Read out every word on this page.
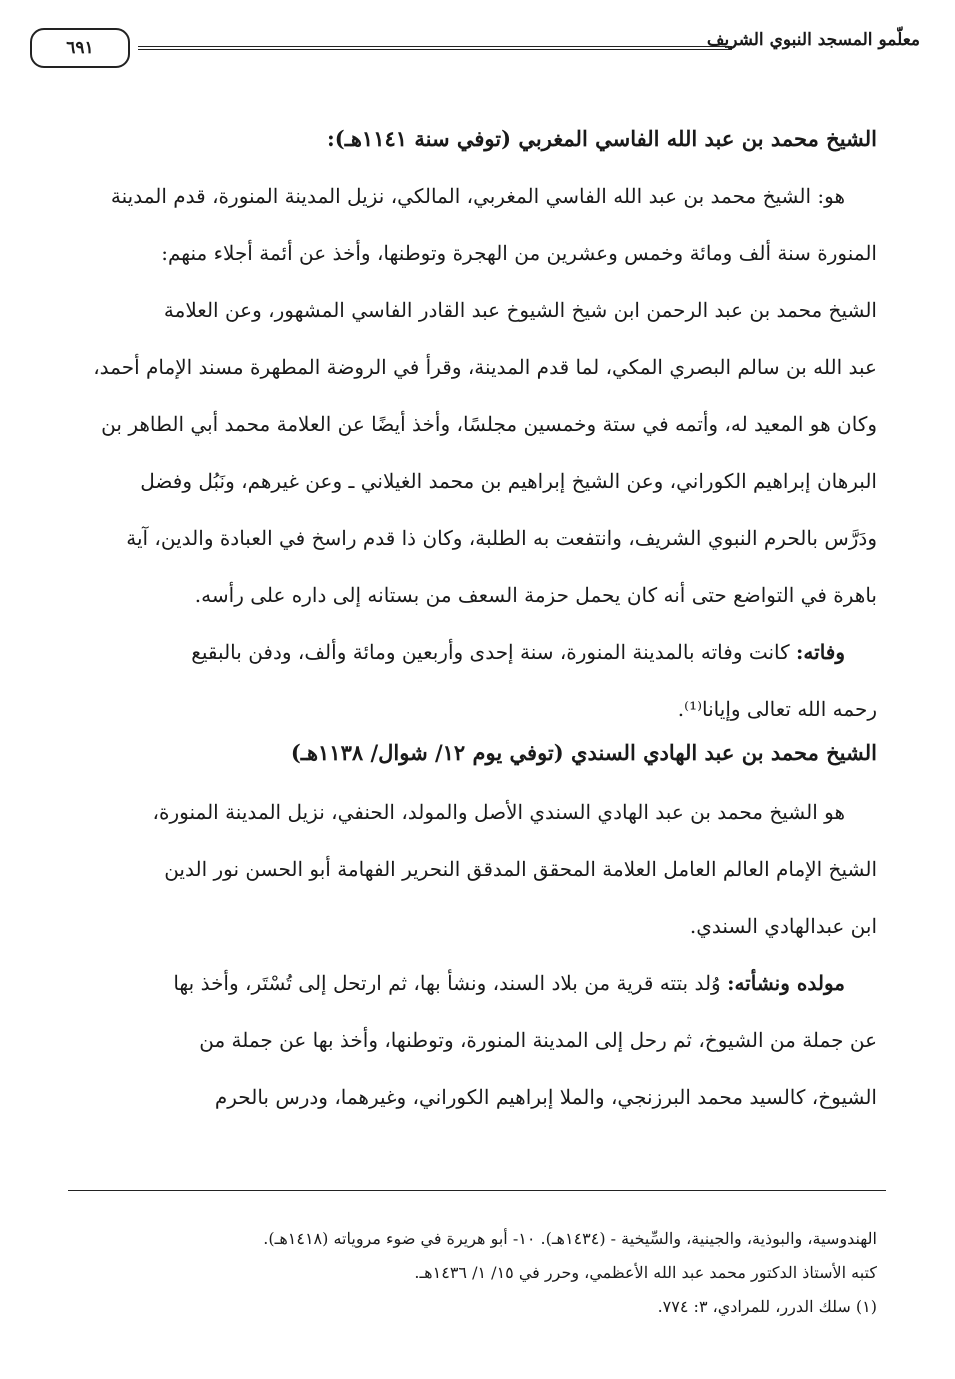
معلّمو المسجد النبوي الشريف
٦٩١
الشيخ محمد بن عبد الله الفاسي المغربي (توفي سنة ١١٤١هـ):
هو: الشيخ محمد بن عبد الله الفاسي المغربي، المالكي، نزيل المدينة المنورة، قدم المدينة
المنورة سنة ألف ومائة وخمس وعشرين من الهجرة وتوطنها، وأخذ عن أئمة أجلاء منهم:
الشيخ محمد بن عبد الرحمن ابن شيخ الشيوخ عبد القادر الفاسي المشهور، وعن العلامة
عبد الله بن سالم البصري المكي، لما قدم المدينة، وقرأ في الروضة المطهرة مسند الإمام أحمد،
وكان هو المعيد له، وأتمه في ستة وخمسين مجلسًا، وأخذ أيضًا عن العلامة محمد أبي الطاهر بن
البرهان إبراهيم الكوراني، وعن الشيخ إبراهيم بن محمد الغيلاني ـ وعن غيرهم، ونَبُل وفضل
ودَرَّس بالحرم النبوي الشريف، وانتفعت به الطلبة، وكان ذا قدم راسخ في العبادة والدين، آية
باهرة في التواضع حتى أنه كان يحمل حزمة السعف من بستانه إلى داره على رأسه.
وفاته: كانت وفاته بالمدينة المنورة، سنة إحدى وأربعين ومائة وألف، ودفن بالبقيع
رحمه الله تعالى وإيانا⁽¹⁾.
الشيخ محمد بن عبد الهادي السندي (توفي يوم ١٢/ شوال/ ١١٣٨هـ)
هو الشيخ محمد بن عبد الهادي السندي الأصل والمولد، الحنفي، نزيل المدينة المنورة،
الشيخ الإمام العالم العامل العلامة المحقق المدقق النحرير الفهامة أبو الحسن نور الدين
ابن عبدالهادي السندي.
مولده ونشأته: وُلد بتته قرية من بلاد السند، ونشأ بها، ثم ارتحل إلى تُسْتَر، وأخذ بها
عن جملة من الشيوخ، ثم رحل إلى المدينة المنورة، وتوطنها، وأخذ بها عن جملة من
الشيوخ، كالسيد محمد البرزنجي، والملا إبراهيم الكوراني، وغيرهما، ودرس بالحرم
الهندوسية، والبوذية، والجينية، والسِّيخية - (١٤٣٤هـ). ١٠- أبو هريرة في ضوء مروياته (١٤١٨هـ).
كتبه الأستاذ الدكتور محمد عبد الله الأعظمي، وحرر في ١٥/ ١/ ١٤٣٦هـ.
(١) سلك الدرر، للمرادي، ٣: ٧٧٤.
